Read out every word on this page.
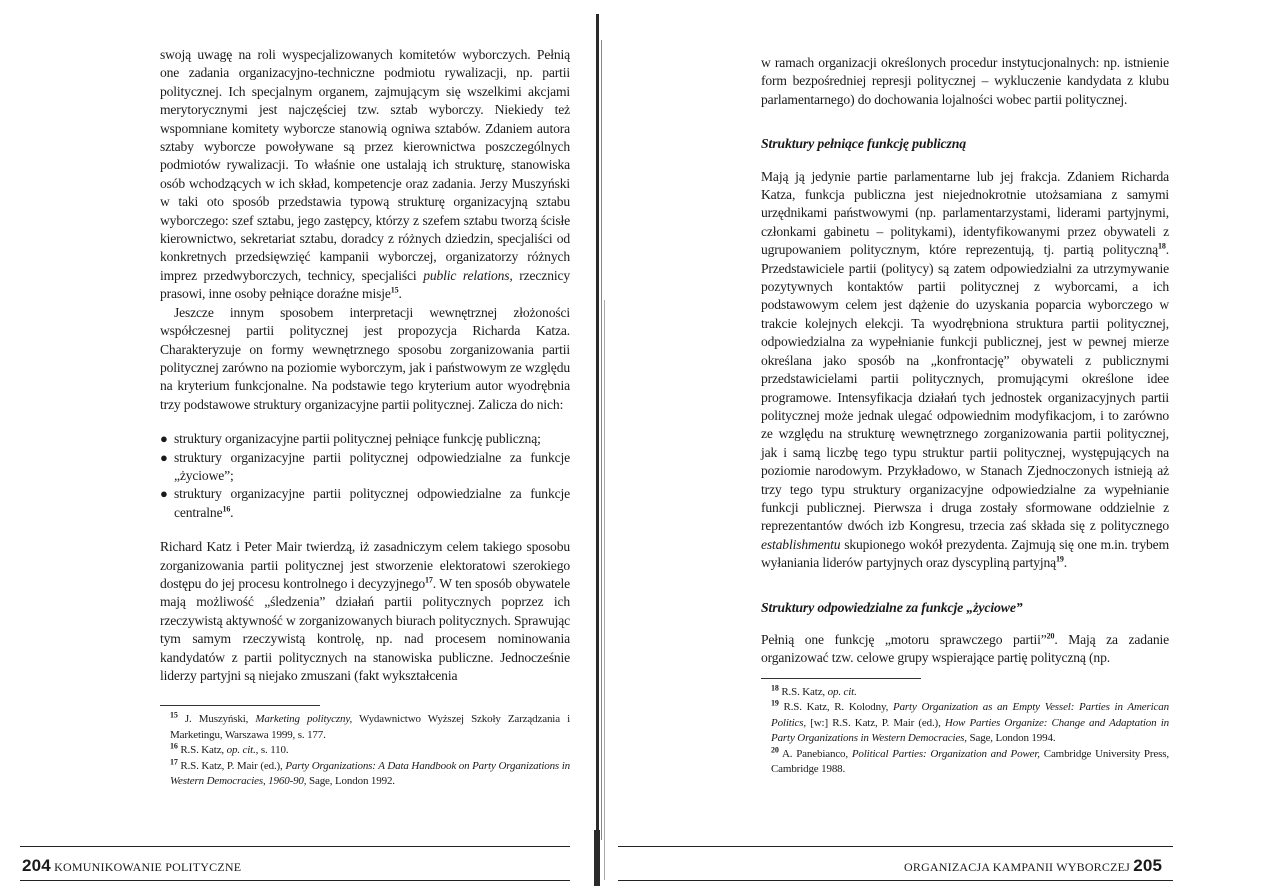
swoją uwagę na roli wyspecjalizowanych komitetów wyborczych. Pełnią one zadania organizacyjno-techniczne podmiotu rywalizacji, np. partii politycznej. Ich specjalnym organem, zajmującym się wszelkimi akcjami merytorycznymi jest najczęściej tzw. sztab wyborczy. Niekiedy też wspomniane komitety wyborcze stanowią ogniwa sztabów. Zdaniem autora sztaby wyborcze powoływane są przez kierownictwa poszczególnych podmiotów rywalizacji. To właśnie one ustalają ich strukturę, stanowiska osób wchodzących w ich skład, kompetencje oraz zadania. Jerzy Muszyński w taki oto sposób przedstawia typową strukturę organizacyjną sztabu wyborczego: szef sztabu, jego zastępcy, którzy z szefem sztabu tworzą ścisłe kierownictwo, sekretariat sztabu, doradcy z różnych dziedzin, specjaliści od konkretnych przedsięwzięć kampanii wyborczej, organizatorzy różnych imprez przedwyborczych, technicy, specjaliści public relations, rzecznicy prasowi, inne osoby pełniące doraźne misje$^{15}$.

Jeszcze innym sposobem interpretacji wewnętrznej złożoności współczesnej partii politycznej jest propozycja Richarda Katza. Charakteryzuje on formy wewnętrznego sposobu zorganizowania partii politycznej zarówno na poziomie wyborczym, jak i państwowym ze względu na kryterium funkcjonalne. Na podstawie tego kryterium autor wyodrębnia trzy podstawowe struktury organizacyjne partii politycznej. Zalicza do nich:

● struktury organizacyjne partii politycznej pełniące funkcję publiczną;
● struktury organizacyjne partii politycznej odpowiedzialne za funkcje „życiowe”;
● struktury organizacyjne partii politycznej odpowiedzialne za funkcje centralne$^{16}$.

Richard Katz i Peter Mair twierdzą, iż zasadniczym celem takiego sposobu zorganizowania partii politycznej jest stworzenie elektoratowi szerokiego dostępu do jej procesu kontrolnego i decyzyjnego$^{17}$. W ten sposób obywatele mają możliwość „śledzenia” działań partii politycznych poprzez ich rzeczywistą aktywność w zorganizowanych biurach politycznych. Sprawując tym samym rzeczywistą kontrolę, np. nad procesem nominowania kandydatów z partii politycznych na stanowiska publiczne. Jednocześnie liderzy partyjni są niejako zmuszani (fakt wykształcenia

$^{15}$ J. Muszyński, Marketing polityczny, Wydawnictwo Wyższej Szkoły Zarządzania i Marketingu, Warszawa 1999, s. 177.
$^{16}$ R.S. Katz, op. cit., s. 110.
$^{17}$ R.S. Katz, P. Mair (ed.), Party Organizations: A Data Handbook on Party Organizations in Western Democracies, 1960-90, Sage, London 1992.
204 KOMUNIKOWANIE POLITYCZNE

w ramach organizacji określonych procedur instytucjonalnych: np. istnienie form bezpośredniej represji politycznej – wykluczenie kandydata z klubu parlamentarnego) do dochowania lojalności wobec partii politycznej.

Struktury pełniące funkcję publiczną

Mają ją jedynie partie parlamentarne lub jej frakcja. Zdaniem Richarda Katza, funkcja publiczna jest niejednokrotnie utożsamiana z samymi urzędnikami państwowymi (np. parlamentarzystami, liderami partyjnymi, członkami gabinetu – politykami), identyfikowanymi przez obywateli z ugrupowaniem politycznym, które reprezentują, tj. partią polityczną$^{18}$. Przedstawiciele partii (politycy) są zatem odpowiedzialni za utrzymywanie pozytywnych kontaktów partii politycznej z wyborcami, a ich podstawowym celem jest dążenie do uzyskania poparcia wyborczego w trakcie kolejnych elekcji. Ta wyodrębniona struktura partii politycznej, odpowiedzialna za wypełnianie funkcji publicznej, jest w pewnej mierze określana jako sposób na „konfrontację” obywateli z publicznymi przedstawicielami partii politycznych, promującymi określone idee programowe. Intensyfikacja działań tych jednostek organizacyjnych partii politycznej może jednak ulegać odpowiednim modyfikacjom, i to zarówno ze względu na strukturę wewnętrznego zorganizowania partii politycznej, jak i samą liczbę tego typu struktur partii politycznej, występujących na poziomie narodowym. Przykładowo, w Stanach Zjednoczonych istnieją aż trzy tego typu struktury organizacyjne odpowiedzialne za wypełnianie funkcji publicznej. Pierwsza i druga zostały sformowane oddzielnie z reprezentantów dwóch izb Kongresu, trzecia zaś składa się z politycznego establishmentu skupionego wokół prezydenta. Zajmują się one m.in. trybem wyłaniania liderów partyjnych oraz dyscypliną partyjną$^{19}$.

Struktury odpowiedzialne za funkcje „życiowe”

Pełnią one funkcję „motoru sprawczego partii”$^{20}$. Mają za zadanie organizować tzw. celowe grupy wspierające partię polityczną (np.

$^{18}$ R.S. Katz, op. cit.
$^{19}$ R.S. Katz, R. Kolodny, Party Organization as an Empty Vessel: Parties in American Politics, [w:] R.S. Katz, P. Mair (ed.), How Parties Organize: Change and Adaptation in Party Organizations in Western Democracies, Sage, London 1994.
$^{20}$ A. Panebianco, Political Parties: Organization and Power, Cambridge University Press, Cambridge 1988.
ORGANIZACJA KAMPANII WYBORCZEJ 205
